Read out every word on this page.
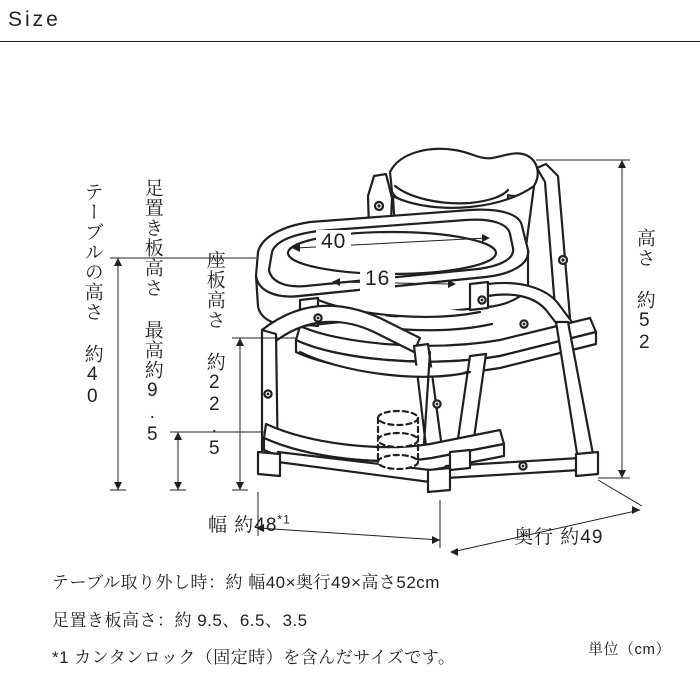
Size
40
16
テーブルの高さ 約40 足置き板高さ 最高約9.5 座板高さ 約22.5	高さ 約52
幅 約48$^{*1}$
奥行 約49
テーブル取り外し時：約 幅40×奥行49×高さ52cm
足置き板高さ：約 9.5、6.5、3.5
*1 カンタンロック（固定時）を含んだサイズです。	単位（cm）
